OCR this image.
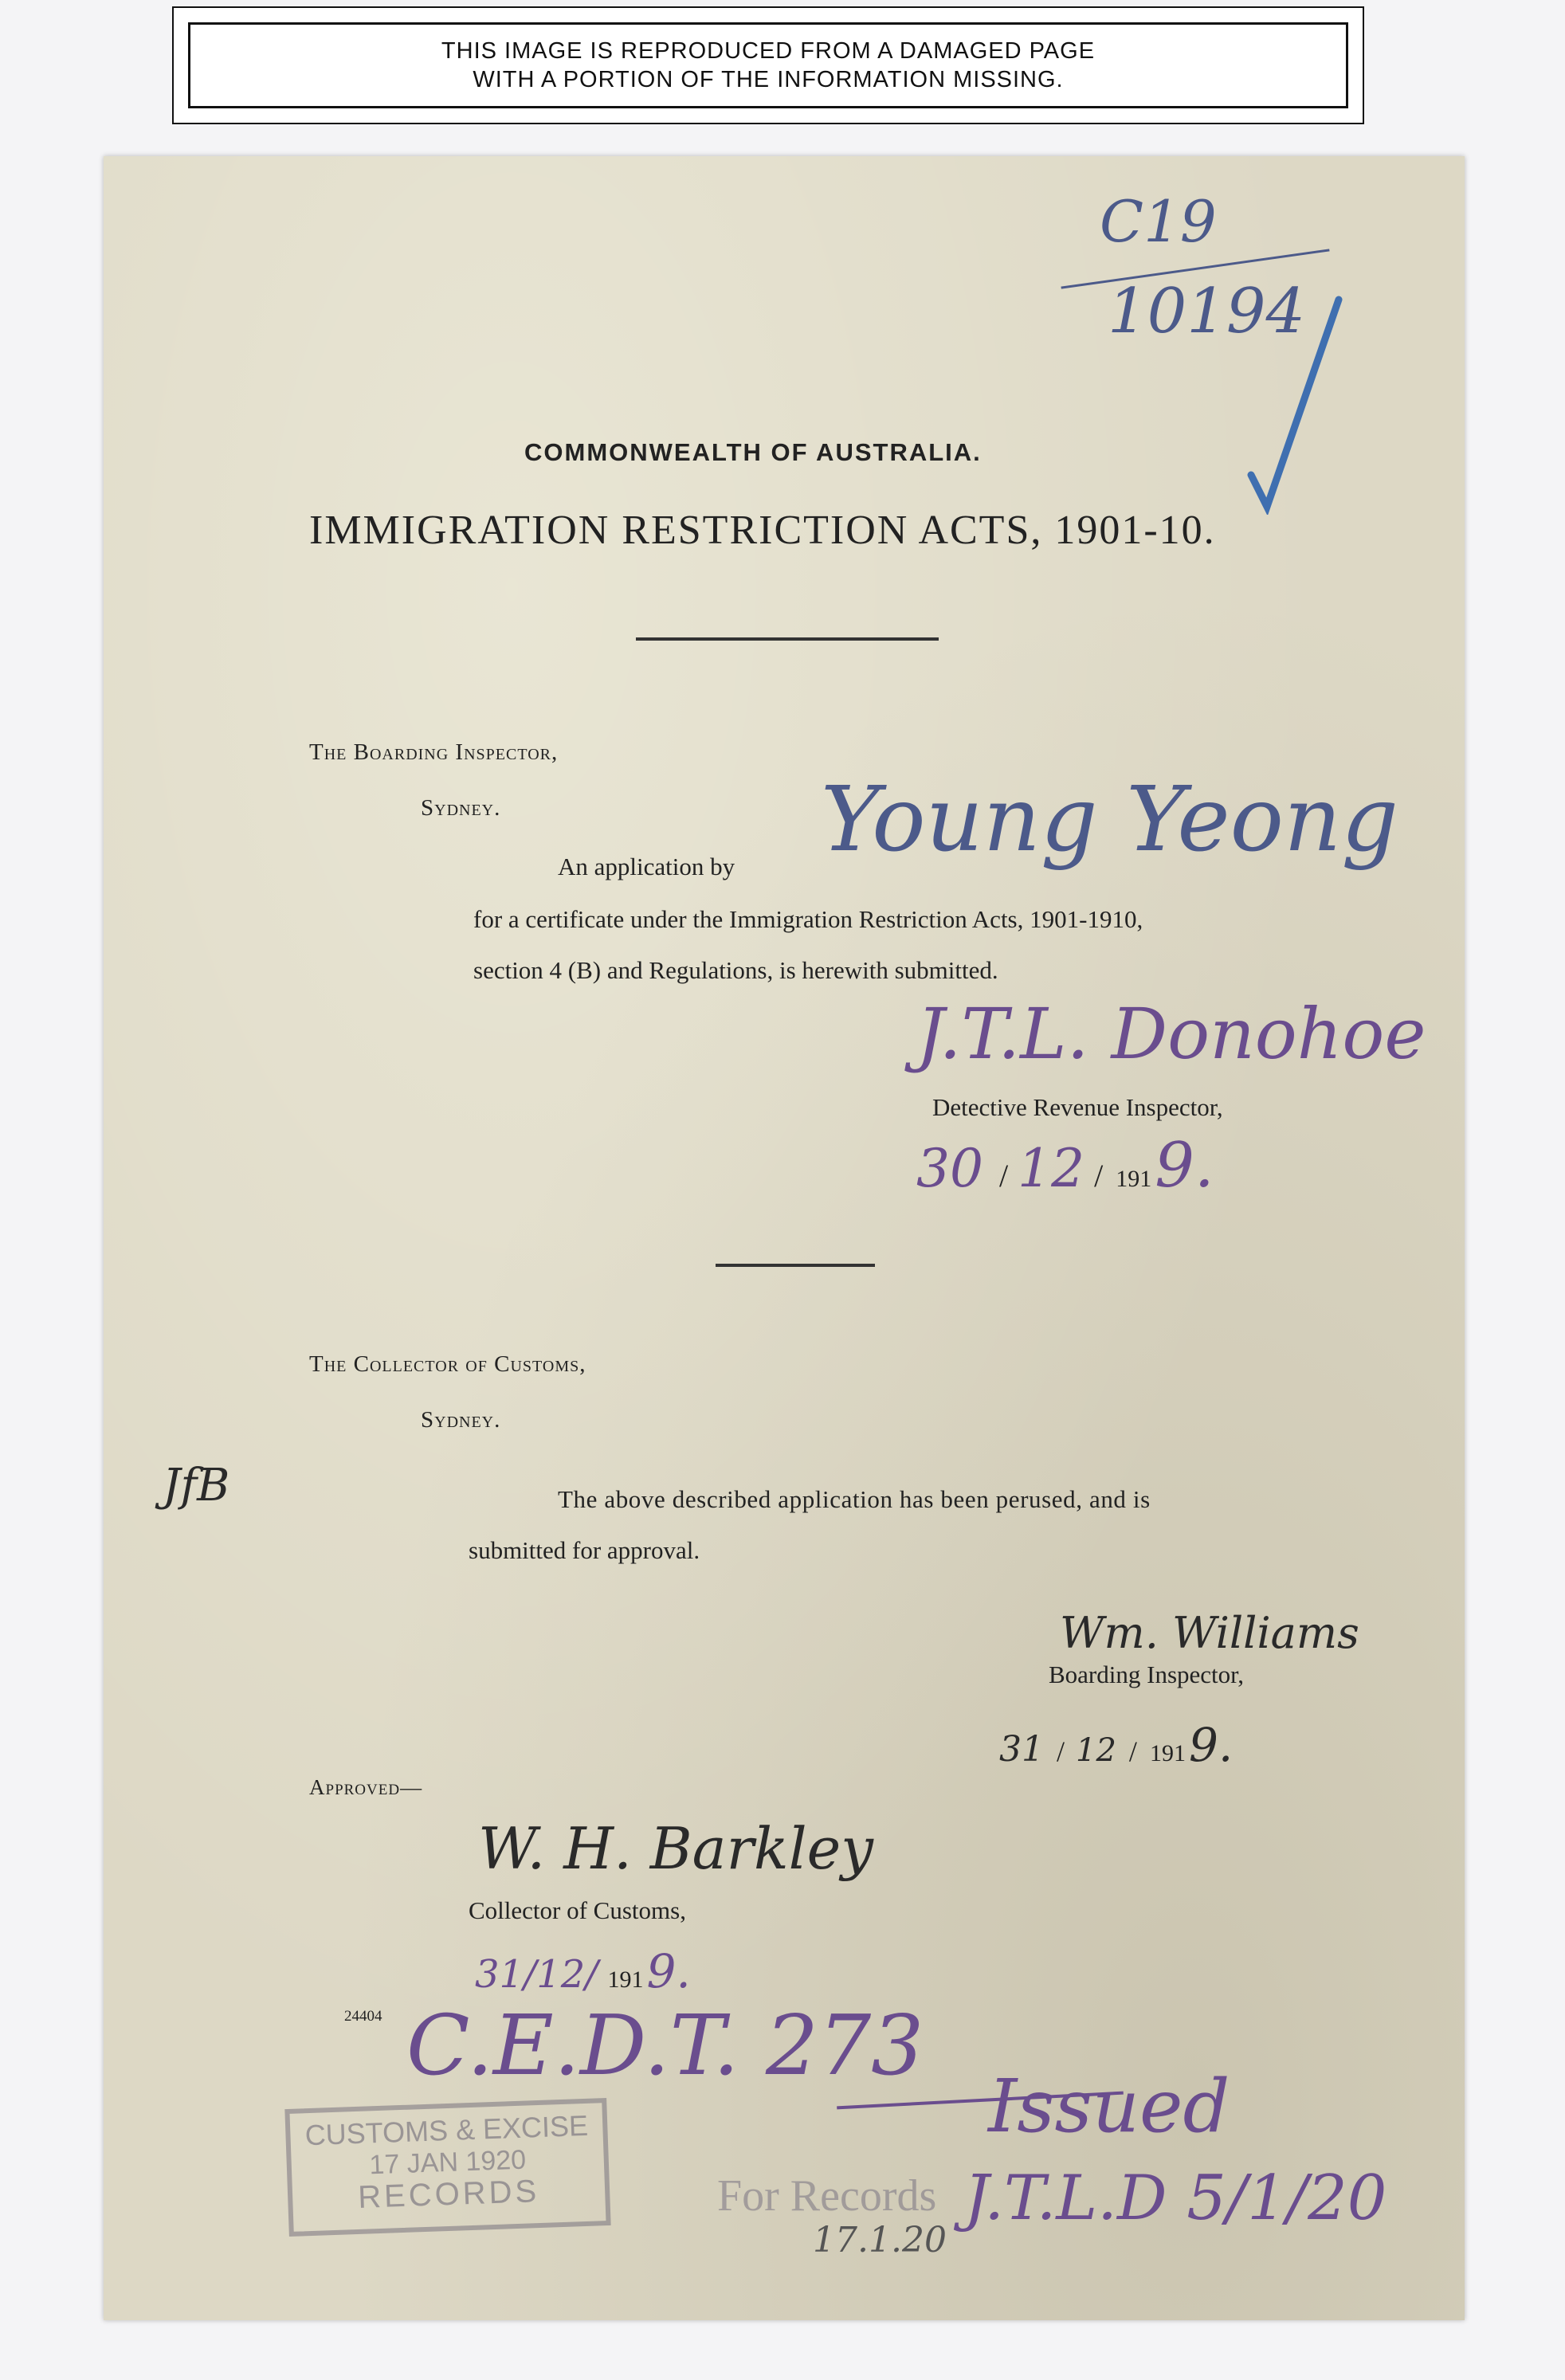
THIS IMAGE IS REPRODUCED FROM A DAMAGED PAGE
WITH A PORTION OF THE INFORMATION MISSING.
C19
10194
COMMONWEALTH OF AUSTRALIA.
IMMIGRATION RESTRICTION ACTS, 1901-10.
The Boarding Inspector,
Sydney.
An application by Young Yeong
for a certificate under the Immigration Restriction Acts, 1901-1910,
section 4 (B) and Regulations, is herewith submitted.
J.T.L. Donohoe
Detective Revenue Inspector,
30 / 12 / 191 9.
The Collector of Customs,
Sydney.
JfB	The above described application has been perused, and is
submitted for approval.
Wm. Williams
Boarding Inspector,
31 / 12 / 191 9.
Approved—
W. H. Barkley
Collector of Customs,
31/12/ 191 9.
24404 C.E.D.T. 273
Issued
J.T.L.D 5/1/20
CUSTOMS & EXCISE
17 JAN 1920
RECORDS	For Records
17.1.20
